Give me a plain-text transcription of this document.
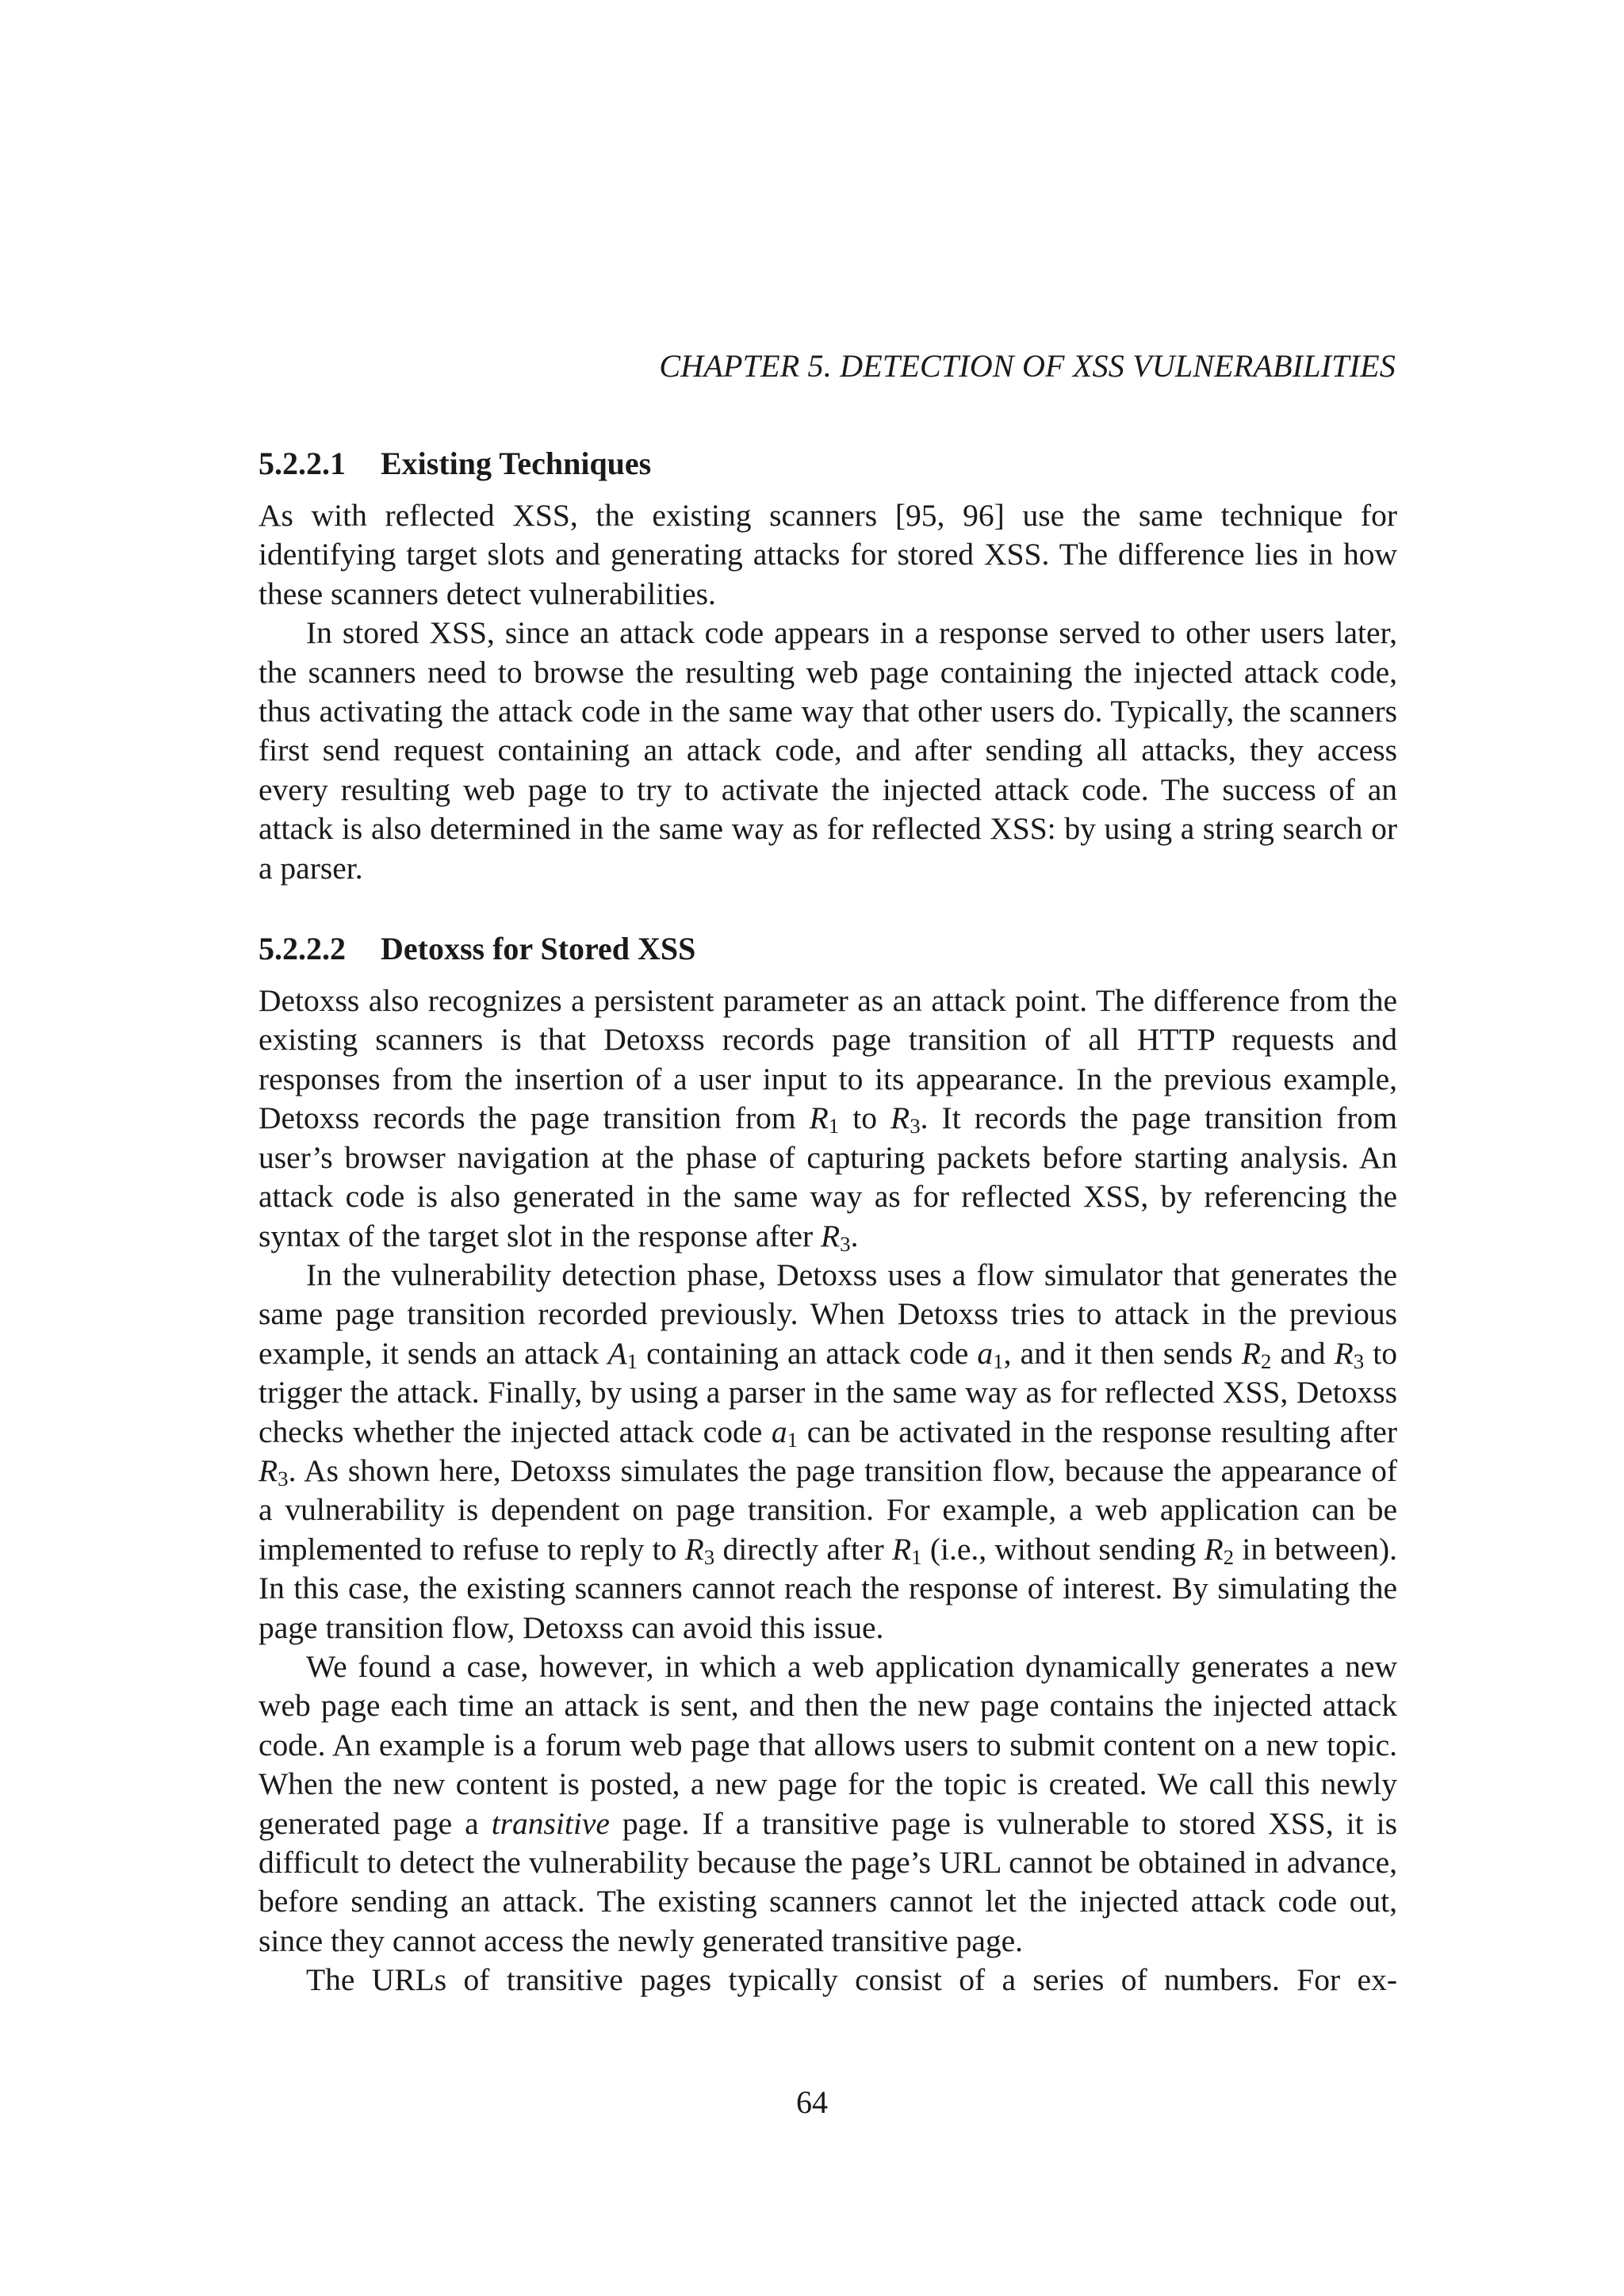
CHAPTER 5. DETECTION OF XSS VULNERABILITIES
5.2.2.1 Existing Techniques

As with reflected XSS, the existing scanners [95, 96] use the same technique for identifying target slots and generating attacks for stored XSS. The difference lies in how these scanners detect vulnerabilities.

In stored XSS, since an attack code appears in a response served to other users later, the scanners need to browse the resulting web page containing the injected attack code, thus activating the attack code in the same way that other users do. Typically, the scanners first send request containing an attack code, and after sending all attacks, they access every resulting web page to try to activate the injected attack code. The success of an attack is also determined in the same way as for reflected XSS: by using a string search or a parser.

5.2.2.2 Detoxss for Stored XSS

Detoxss also recognizes a persistent parameter as an attack point. The difference from the existing scanners is that Detoxss records page transition of all HTTP requests and responses from the insertion of a user input to its appearance. In the previous example, Detoxss records the page transition from $R_1$ to $R_3$. It records the page transition from user’s browser navigation at the phase of capturing packets before starting analysis. An attack code is also generated in the same way as for reflected XSS, by referencing the syntax of the target slot in the response after $R_3$.

In the vulnerability detection phase, Detoxss uses a flow simulator that generates the same page transition recorded previously. When Detoxss tries to attack in the previous example, it sends an attack $A_1$ containing an attack code $a_1$, and it then sends $R_2$ and $R_3$ to trigger the attack. Finally, by using a parser in the same way as for reflected XSS, Detoxss checks whether the injected attack code $a_1$ can be activated in the response resulting after $R_3$. As shown here, Detoxss simulates the page transition flow, because the appearance of a vulnerability is dependent on page transition. For example, a web application can be implemented to refuse to reply to $R_3$ directly after $R_1$ (i.e., without sending $R_2$ in between). In this case, the existing scanners cannot reach the response of interest. By simulating the page transition flow, Detoxss can avoid this issue.

We found a case, however, in which a web application dynamically generates a new web page each time an attack is sent, and then the new page contains the injected attack code. An example is a forum web page that allows users to submit content on a new topic. When the new content is posted, a new page for the topic is created. We call this newly generated page a transitive page. If a transitive page is vulnerable to stored XSS, it is difficult to detect the vulnerability because the page’s URL cannot be obtained in advance, before sending an attack. The existing scanners cannot let the injected attack code out, since they cannot access the newly generated transitive page.

The URLs of transitive pages typically consist of a series of numbers. For ex-

64
